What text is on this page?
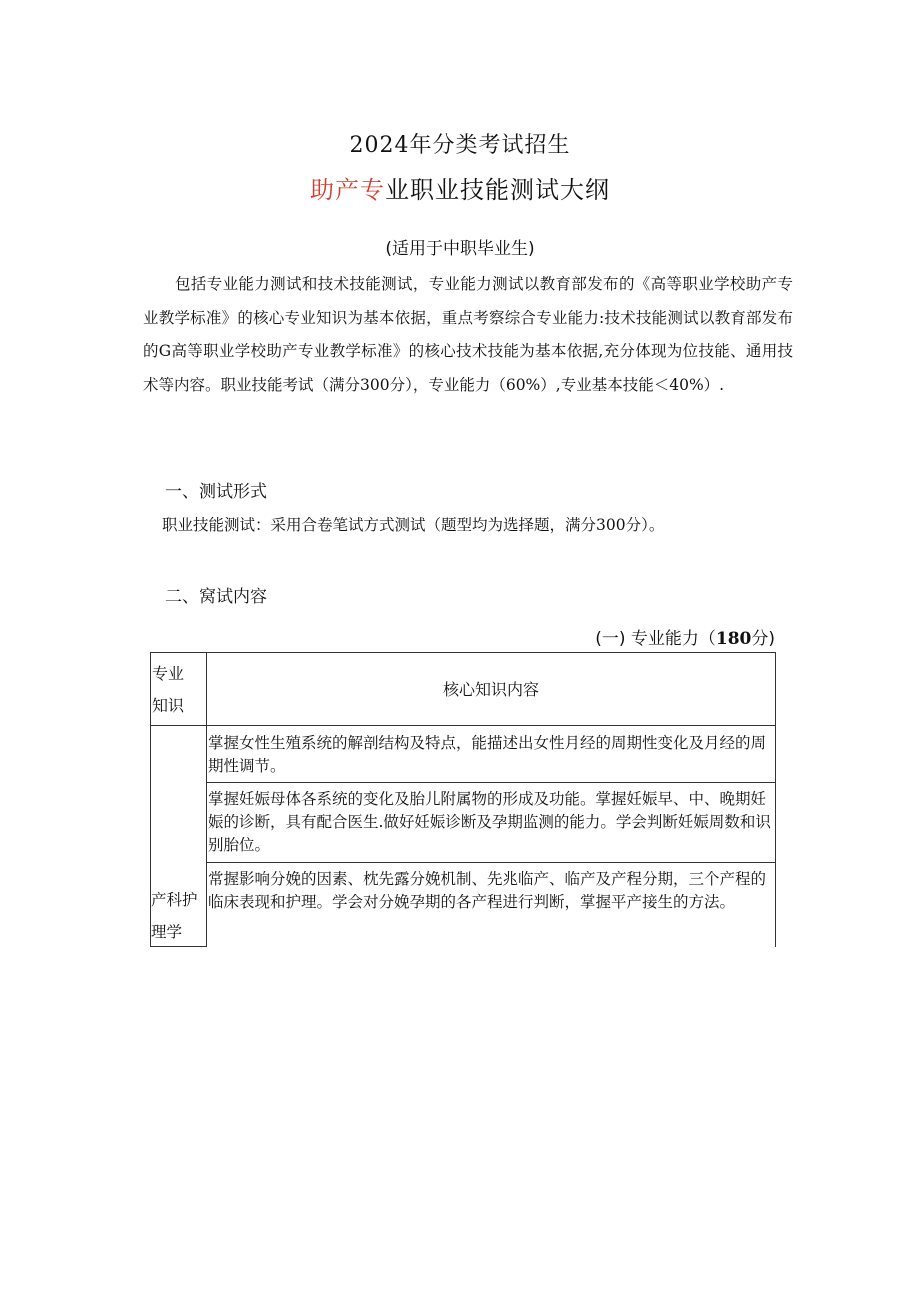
2024年分类考试招生
助产专业职业技能测试大纲
(适用于中职毕业生)

包括专业能力测试和技术技能测试，专业能力测试以教育部发布的《高等职业学校助产专业教学标准》的核心专业知识为基本依据，重点考察综合专业能力:技术技能测试以教育部发布的G高等职业学校助产专业教学标准》的核心技术技能为基本依据,充分体现为位技能、通用技术等内容。职业技能考试（满分300分），专业能力（60%）,专业基本技能＜40%）.

一、测试形式
职业技能测试：采用合卷笔试方式测试（题型均为选择题，满分300分）。
二、窝试内容
(一) 专业能力（180分)
专业
知识
核心知识内容
产科护
理学
掌握女性生殖系统的解剖结构及特点，能描述出女性月经的周期性变化及月经的周期性调节。
掌握妊娠母体各系统的变化及胎儿附属物的形成及功能。掌握妊娠早、中、晚期妊娠的诊断，具有配合医生.做好妊娠诊断及孕期监测的能力。学会判断妊娠周数和识别胎位。
常握影响分娩的因素、枕先露分娩机制、先兆临产、临产及产程分期，三个产程的临床表现和护理。学会对分娩孕期的各产程进行判断，掌握平产接生的方法。
